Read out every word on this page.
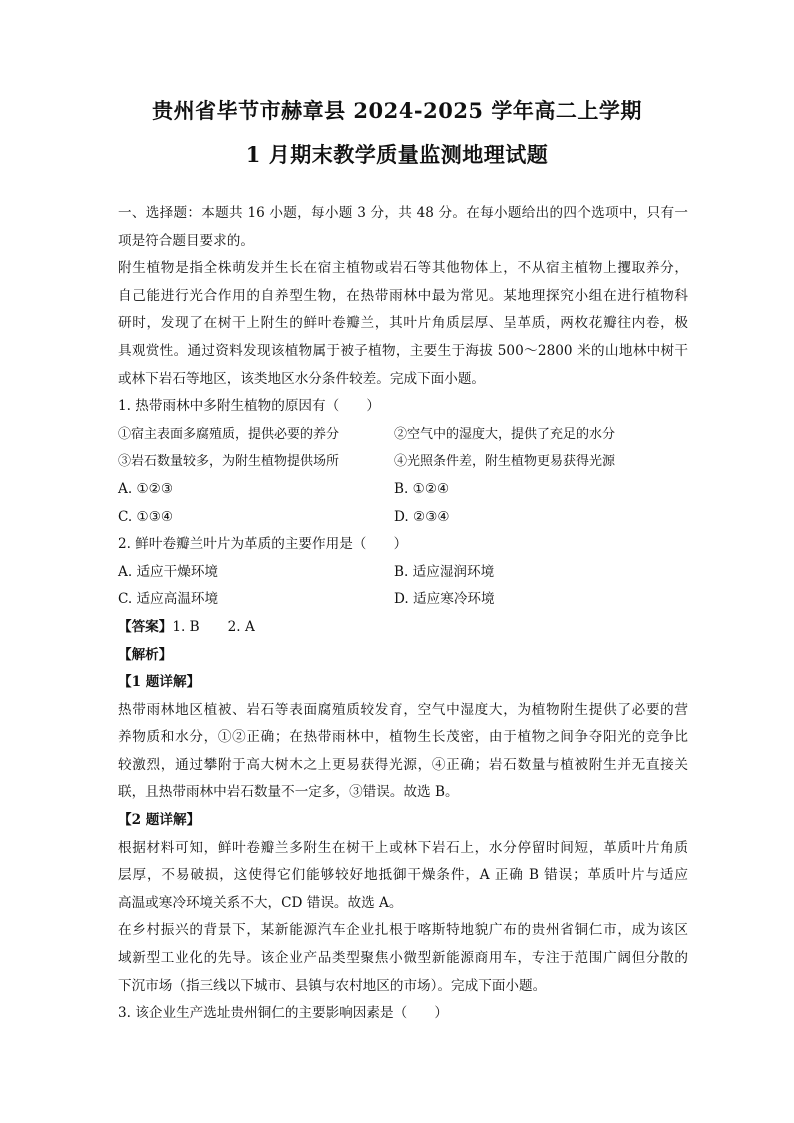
贵州省毕节市赫章县 2024-2025 学年高二上学期
1 月期末教学质量监测地理试题
一、选择题：本题共 16 小题，每小题 3 分，共 48 分。在每小题给出的四个选项中，只有一
项是符合题目要求的。
附生植物是指全株萌发并生长在宿主植物或岩石等其他物体上，不从宿主植物上攫取养分，
自己能进行光合作用的自养型生物，在热带雨林中最为常见。某地理探究小组在进行植物科
研时，发现了在树干上附生的鲜叶卷瓣兰，其叶片角质层厚、呈革质，两枚花瓣往内卷，极
具观赏性。通过资料发现该植物属于被子植物，主要生于海拔 500～2800 米的山地林中树干
或林下岩石等地区，该类地区水分条件较差。完成下面小题。
1. 热带雨林中多附生植物的原因有（　　）
①宿主表面多腐殖质，提供必要的养分	②空气中的湿度大，提供了充足的水分
③岩石数量较多，为附生植物提供场所	④光照条件差，附生植物更易获得光源
A. ①②③	B. ①②④
C. ①③④	D. ②③④
2. 鲜叶卷瓣兰叶片为革质的主要作用是（　　）
A. 适应干燥环境	B. 适应湿润环境
C. 适应高温环境	D. 适应寒冷环境
【答案】1. B 2. A
【解析】
【1 题详解】
热带雨林地区植被、岩石等表面腐殖质较发育，空气中湿度大，为植物附生提供了必要的营
养物质和水分，①②正确；在热带雨林中，植物生长茂密，由于植物之间争夺阳光的竞争比
较激烈，通过攀附于高大树木之上更易获得光源，④正确；岩石数量与植被附生并无直接关
联，且热带雨林中岩石数量不一定多，③错误。故选 B。
【2 题详解】
根据材料可知，鲜叶卷瓣兰多附生在树干上或林下岩石上，水分停留时间短，革质叶片角质
层厚，不易破损，这使得它们能够较好地抵御干燥条件，A 正确 B 错误；革质叶片与适应
高温或寒冷环境关系不大，CD 错误。故选 A。
在乡村振兴的背景下，某新能源汽车企业扎根于喀斯特地貌广布的贵州省铜仁市，成为该区
域新型工业化的先导。该企业产品类型聚焦小微型新能源商用车，专注于范围广阔但分散的
下沉市场（指三线以下城市、县镇与农村地区的市场）。完成下面小题。
3. 该企业生产选址贵州铜仁的主要影响因素是（　　）
